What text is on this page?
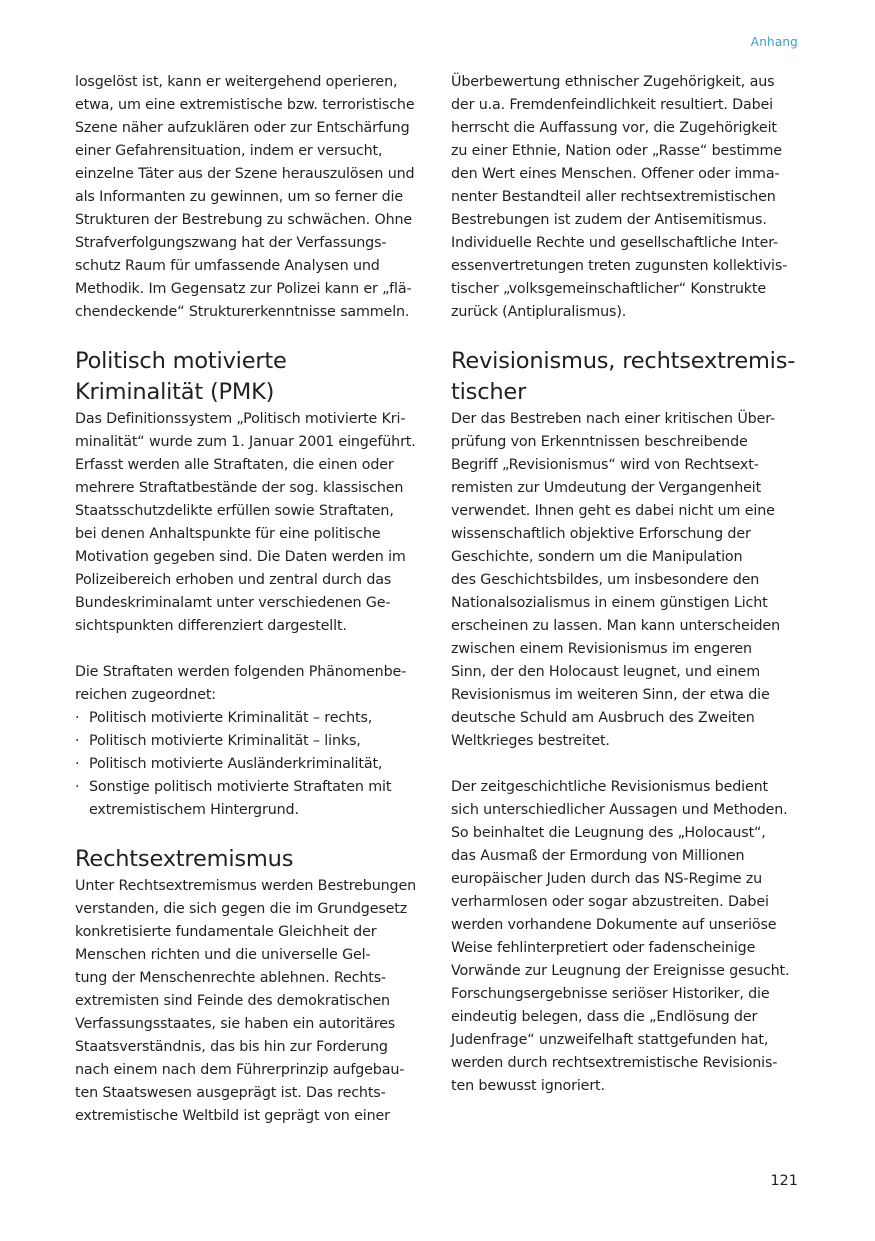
Anhang
losgelöst ist, kann er weitergehend operieren,
etwa, um eine extremistische bzw. terroristische
Szene näher aufzuklären oder zur Entschärfung
einer Gefahrensituation, indem er versucht,
einzelne Täter aus der Szene herauszulösen und
als Informanten zu gewinnen, um so ferner die
Strukturen der Bestrebung zu schwächen. Ohne
Strafverfolgungszwang hat der Verfassungs-
schutz Raum für umfassende Analysen und
Methodik. Im Gegensatz zur Polizei kann er „flä-
chendeckende“ Strukturerkenntnisse sammeln.
Politisch motivierte
Kriminalität (PMK)
Das Definitionssystem „Politisch motivierte Kri-
minalität“ wurde zum 1. Januar 2001 eingeführt.
Erfasst werden alle Straftaten, die einen oder
mehrere Straftatbestände der sog. klassischen
Staatsschutzdelikte erfüllen sowie Straftaten,
bei denen Anhaltspunkte für eine politische
Motivation gegeben sind. Die Daten werden im
Polizeibereich erhoben und zentral durch das
Bundeskriminalamt unter verschiedenen Ge-
sichtspunkten differenziert dargestellt.
Die Straftaten werden folgenden Phänomenbe-
reichen zugeordnet:
· Politisch motivierte Kriminalität – rechts,
· Politisch motivierte Kriminalität – links,
· Politisch motivierte Ausländerkriminalität,
· Sonstige politisch motivierte Straftaten mit
extremistischem Hintergrund.
Rechtsextremismus
Unter Rechtsextremismus werden Bestrebungen
verstanden, die sich gegen die im Grundgesetz
konkretisierte fundamentale Gleichheit der
Menschen richten und die universelle Gel-
tung der Menschenrechte ablehnen. Rechts-
extremisten sind Feinde des demokratischen
Verfassungsstaates, sie haben ein autoritäres
Staatsverständnis, das bis hin zur Forderung
nach einem nach dem Führerprinzip aufgebau-
ten Staatswesen ausgeprägt ist. Das rechts-
extremistische Weltbild ist geprägt von einer
Überbewertung ethnischer Zugehörigkeit, aus
der u.a. Fremdenfeindlichkeit resultiert. Dabei
herrscht die Auffassung vor, die Zugehörigkeit
zu einer Ethnie, Nation oder „Rasse“ bestimme
den Wert eines Menschen. Offener oder imma-
nenter Bestandteil aller rechtsextremistischen
Bestrebungen ist zudem der Antisemitismus.
Individuelle Rechte und gesellschaftliche Inter-
essenvertretungen treten zugunsten kollektivis-
tischer „volksgemeinschaftlicher“ Konstrukte
zurück (Antipluralismus).
Revisionismus, rechtsextremis-
tischer
Der das Bestreben nach einer kritischen Über-
prüfung von Erkenntnissen beschreibende
Begriff „Revisionismus“ wird von Rechtsext-
remisten zur Umdeutung der Vergangenheit
verwendet. Ihnen geht es dabei nicht um eine
wissenschaftlich objektive Erforschung der
Geschichte, sondern um die Manipulation
des Geschichtsbildes, um insbesondere den
Nationalsozialismus in einem günstigen Licht
erscheinen zu lassen. Man kann unterscheiden
zwischen einem Revisionismus im engeren
Sinn, der den Holocaust leugnet, und einem
Revisionismus im weiteren Sinn, der etwa die
deutsche Schuld am Ausbruch des Zweiten
Weltkrieges bestreitet.
Der zeitgeschichtliche Revisionismus bedient
sich unterschiedlicher Aussagen und Methoden.
So beinhaltet die Leugnung des „Holocaust“,
das Ausmaß der Ermordung von Millionen
europäischer Juden durch das NS-Regime zu
verharmlosen oder sogar abzustreiten. Dabei
werden vorhandene Dokumente auf unseriöse
Weise fehlinterpretiert oder fadenscheinige
Vorwände zur Leugnung der Ereignisse gesucht.
Forschungsergebnisse seriöser Historiker, die
eindeutig belegen, dass die „Endlösung der
Judenfrage“ unzweifelhaft stattgefunden hat,
werden durch rechtsextremistische Revisionis-
ten bewusst ignoriert.
121
